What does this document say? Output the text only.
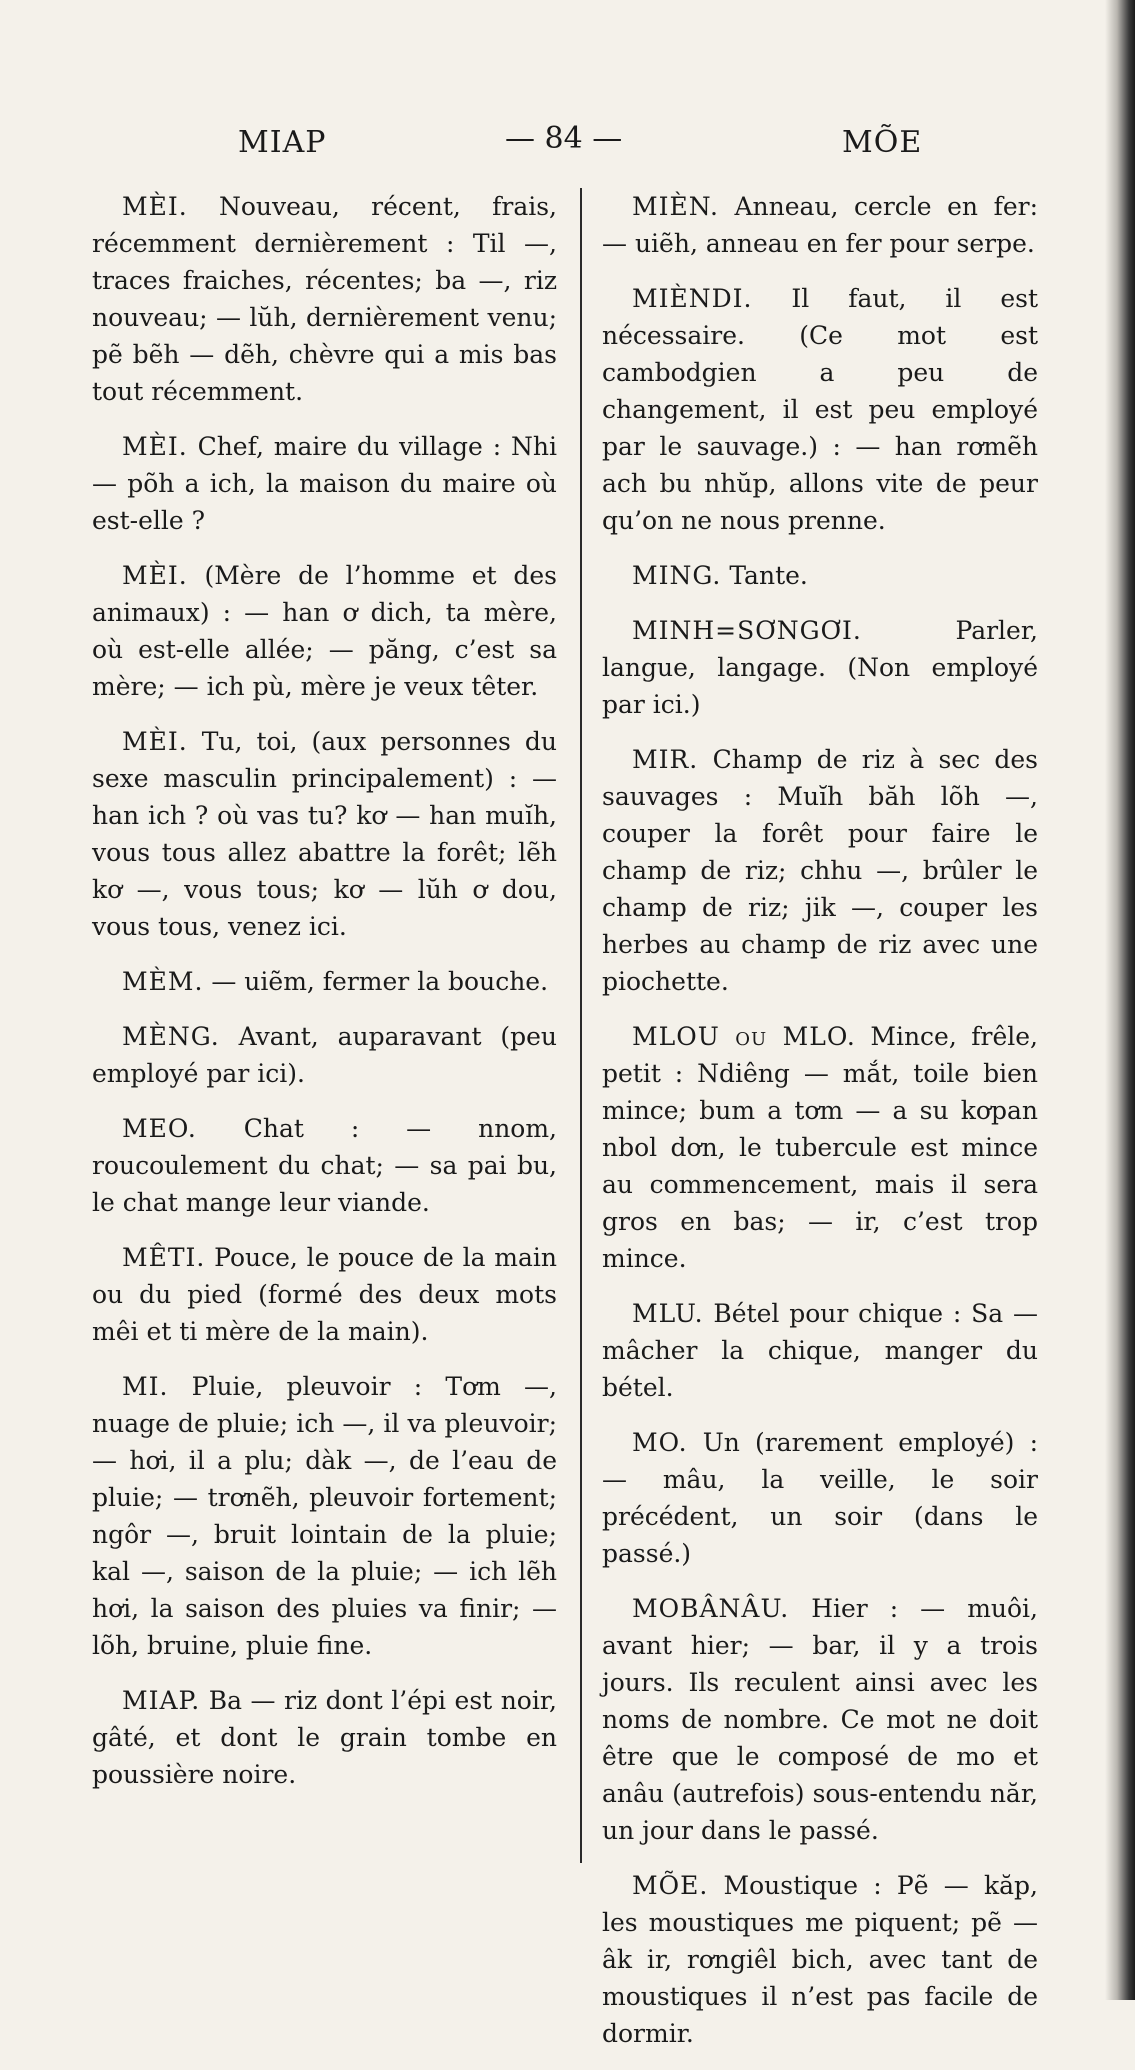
MIAP	— 84 —	MÕE

MÈI. Nouveau, récent, frais, récemment dernièrement : Til —, traces fraiches, récentes; ba —, riz nouveau; — lŭh, dernièrement venu; pẽ bẽh — dẽh, chèvre qui a mis bas tout récemment.

MÈI. Chef, maire du village : Nhi — põh a ich, la maison du maire où est-elle ?

MÈI. (Mère de l’homme et des animaux) : — han ơ dich, ta mère, où est-elle allée; — păng, c’est sa mère; — ich pù, mère je veux têter.

MÈI. Tu, toi, (aux personnes du sexe masculin principalement) : — han ich ? où vas tu? kơ — han muĭh, vous tous allez abattre la forêt; lẽh kơ —, vous tous; kơ — lŭh ơ dou, vous tous, venez ici.

MÈM. — uiẽm, fermer la bouche.

MÈNG. Avant, auparavant (peu employé par ici).

MEO. Chat : — nnom, roucoulement du chat; — sa pai bu, le chat mange leur viande.

MÊTI. Pouce, le pouce de la main ou du pied (formé des deux mots mêi et ti mère de la main).

MI. Pluie, pleuvoir : Tơm —, nuage de pluie; ich —, il va pleuvoir; — hơi, il a plu; dàk —, de l’eau de pluie; — trơnẽh, pleuvoir fortement; ngôr —, bruit lointain de la pluie; kal —, saison de la pluie; — ich lẽh hơi, la saison des pluies va finir; — lõh, bruine, pluie fine.

MIAP. Ba — riz dont l’épi est noir, gâté, et dont le grain tombe en poussière noire.

MIÈN. Anneau, cercle en fer: — uiẽh, anneau en fer pour serpe.

MIÈNDI. Il faut, il est nécessaire. (Ce mot est cambodgien a peu de changement, il est peu employé par le sauvage.) : — han rơmẽh ach bu nhŭp, allons vite de peur qu’on ne nous prenne.

MING. Tante.

MINH=SƠNGƠI.	Parler, langue, langage. (Non employé par ici.)

MIR. Champ de riz à sec des sauvages : Muĭh băh lõh —, couper la forêt pour faire le champ de riz; chhu —, brûler le champ de riz; jik —, couper les herbes au champ de riz avec une piochette.

MLOU ou MLO. Mince, frêle, petit : Ndiêng — mắt, toile bien mince; bum a tơm — a su kơpan nbol dơn, le tubercule est mince au commencement, mais il sera gros en bas; — ir, c’est trop mince.

MLU. Bétel pour chique : Sa — mâcher la chique, manger du bétel.

MO. Un (rarement employé) : — mâu, la veille, le soir précédent, un soir (dans le passé.)

MOBÂNÂU. Hier : — muôi, avant hier; — bar, il y a trois jours. Ils reculent ainsi avec les noms de nombre. Ce mot ne doit être que le composé de mo et anâu (autrefois) sous-entendu năr, un jour dans le passé.

MÕE. Moustique : Pẽ — kăp, les moustiques me piquent; pẽ — âk ir, rơngiêl bich, avec tant de moustiques il n’est pas facile de dormir.
